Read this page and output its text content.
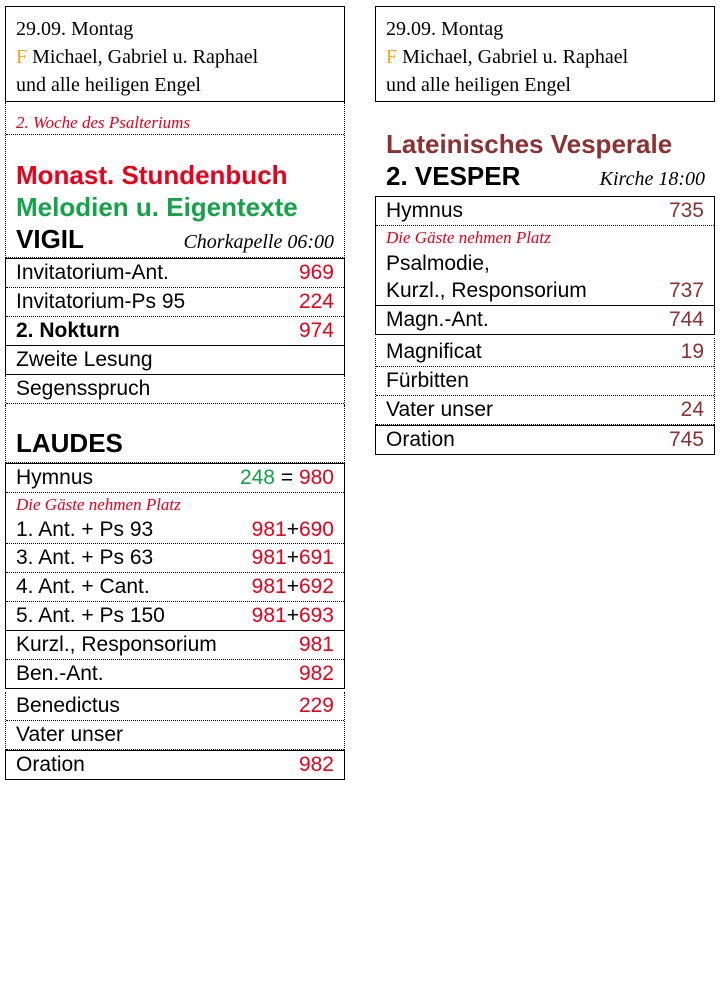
29.09. Montag
F Michael, Gabriel u. Raphael
und alle heiligen Engel
2. Woche des Psalteriums
Monast. Stundenbuch
Melodien u. Eigentexte
VIGIL	Chorkapelle 06:00
Invitatorium-Ant.	969
Invitatorium-Ps 95	224
2. Nokturn	974
Zweite Lesung
Segensspruch
LAUDES
Hymnus	248 = 980
Die Gäste nehmen Platz
1. Ant. + Ps 93	981+690
3. Ant. + Ps 63	981+691
4. Ant. + Cant.	981+692
5. Ant. + Ps 150	981+693
Kurzl., Responsorium	981
Ben.-Ant.	982
Benedictus	229
Vater unser
Oration	982
29.09. Montag
F Michael, Gabriel u. Raphael
und alle heiligen Engel
Lateinisches Vesperale
2. VESPER	Kirche 18:00
Hymnus	735
Die Gäste nehmen Platz
Psalmodie,
Kurzl., Responsorium	737
Magn.-Ant.	744
Magnificat	19
Fürbitten
Vater unser	24
Oration	745
